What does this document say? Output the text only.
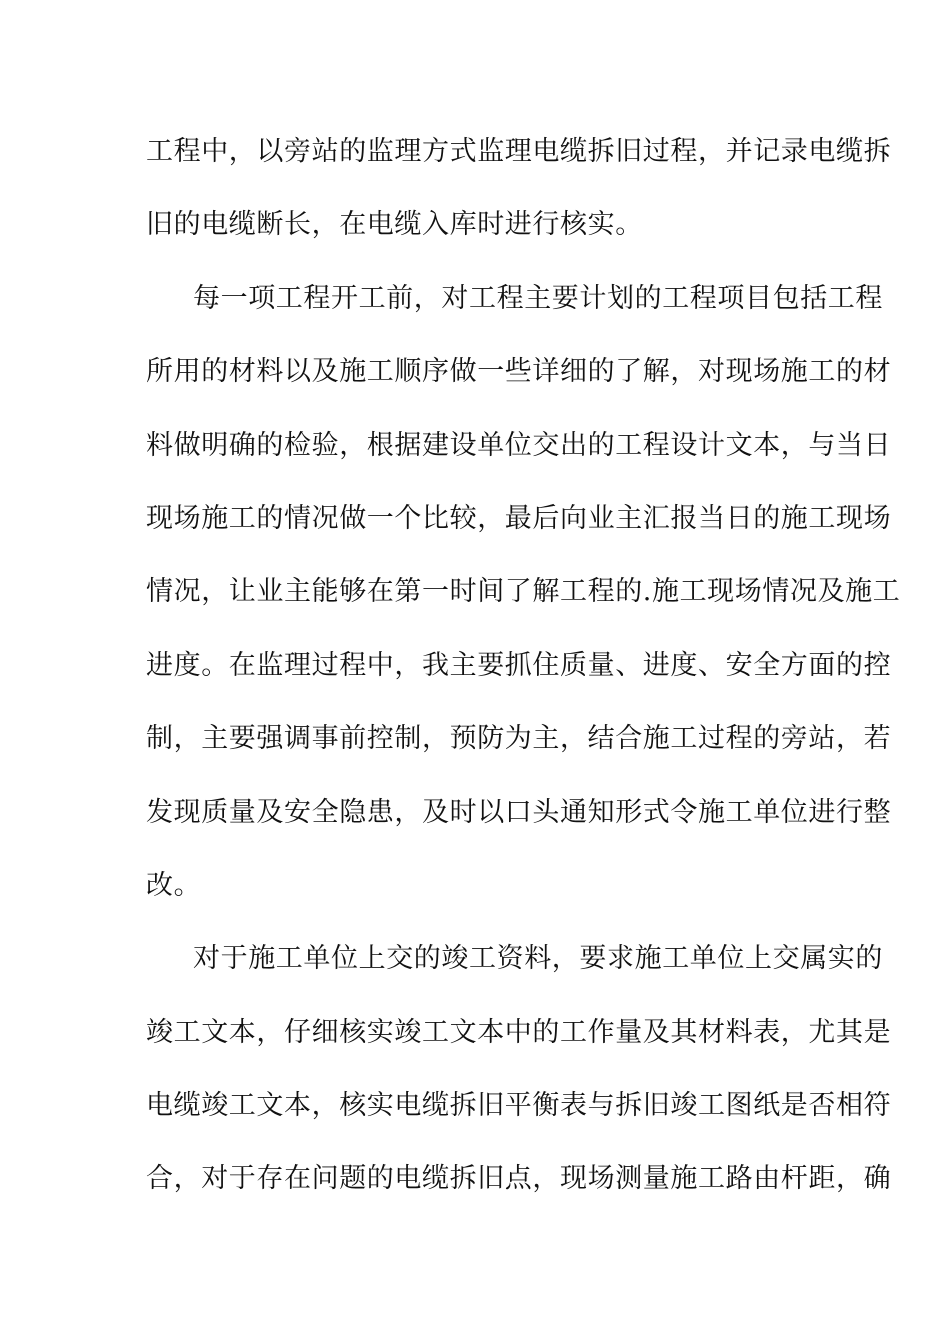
工程中，以旁站的监理方式监理电缆拆旧过程，并记录电缆拆
旧的电缆断长，在电缆入库时进行核实。
每一项工程开工前，对工程主要计划的工程项目包括工程
所用的材料以及施工顺序做一些详细的了解，对现场施工的材
料做明确的检验，根据建设单位交出的工程设计文本，与当日
现场施工的情况做一个比较，最后向业主汇报当日的施工现场
情况，让业主能够在第一时间了解工程的.施工现场情况及施工
进度。在监理过程中，我主要抓住质量、进度、安全方面的控
制，主要强调事前控制，预防为主，结合施工过程的旁站，若
发现质量及安全隐患，及时以口头通知形式令施工单位进行整
改。
对于施工单位上交的竣工资料，要求施工单位上交属实的
竣工文本，仔细核实竣工文本中的工作量及其材料表，尤其是
电缆竣工文本，核实电缆拆旧平衡表与拆旧竣工图纸是否相符
合，对于存在问题的电缆拆旧点，现场测量施工路由杆距，确
